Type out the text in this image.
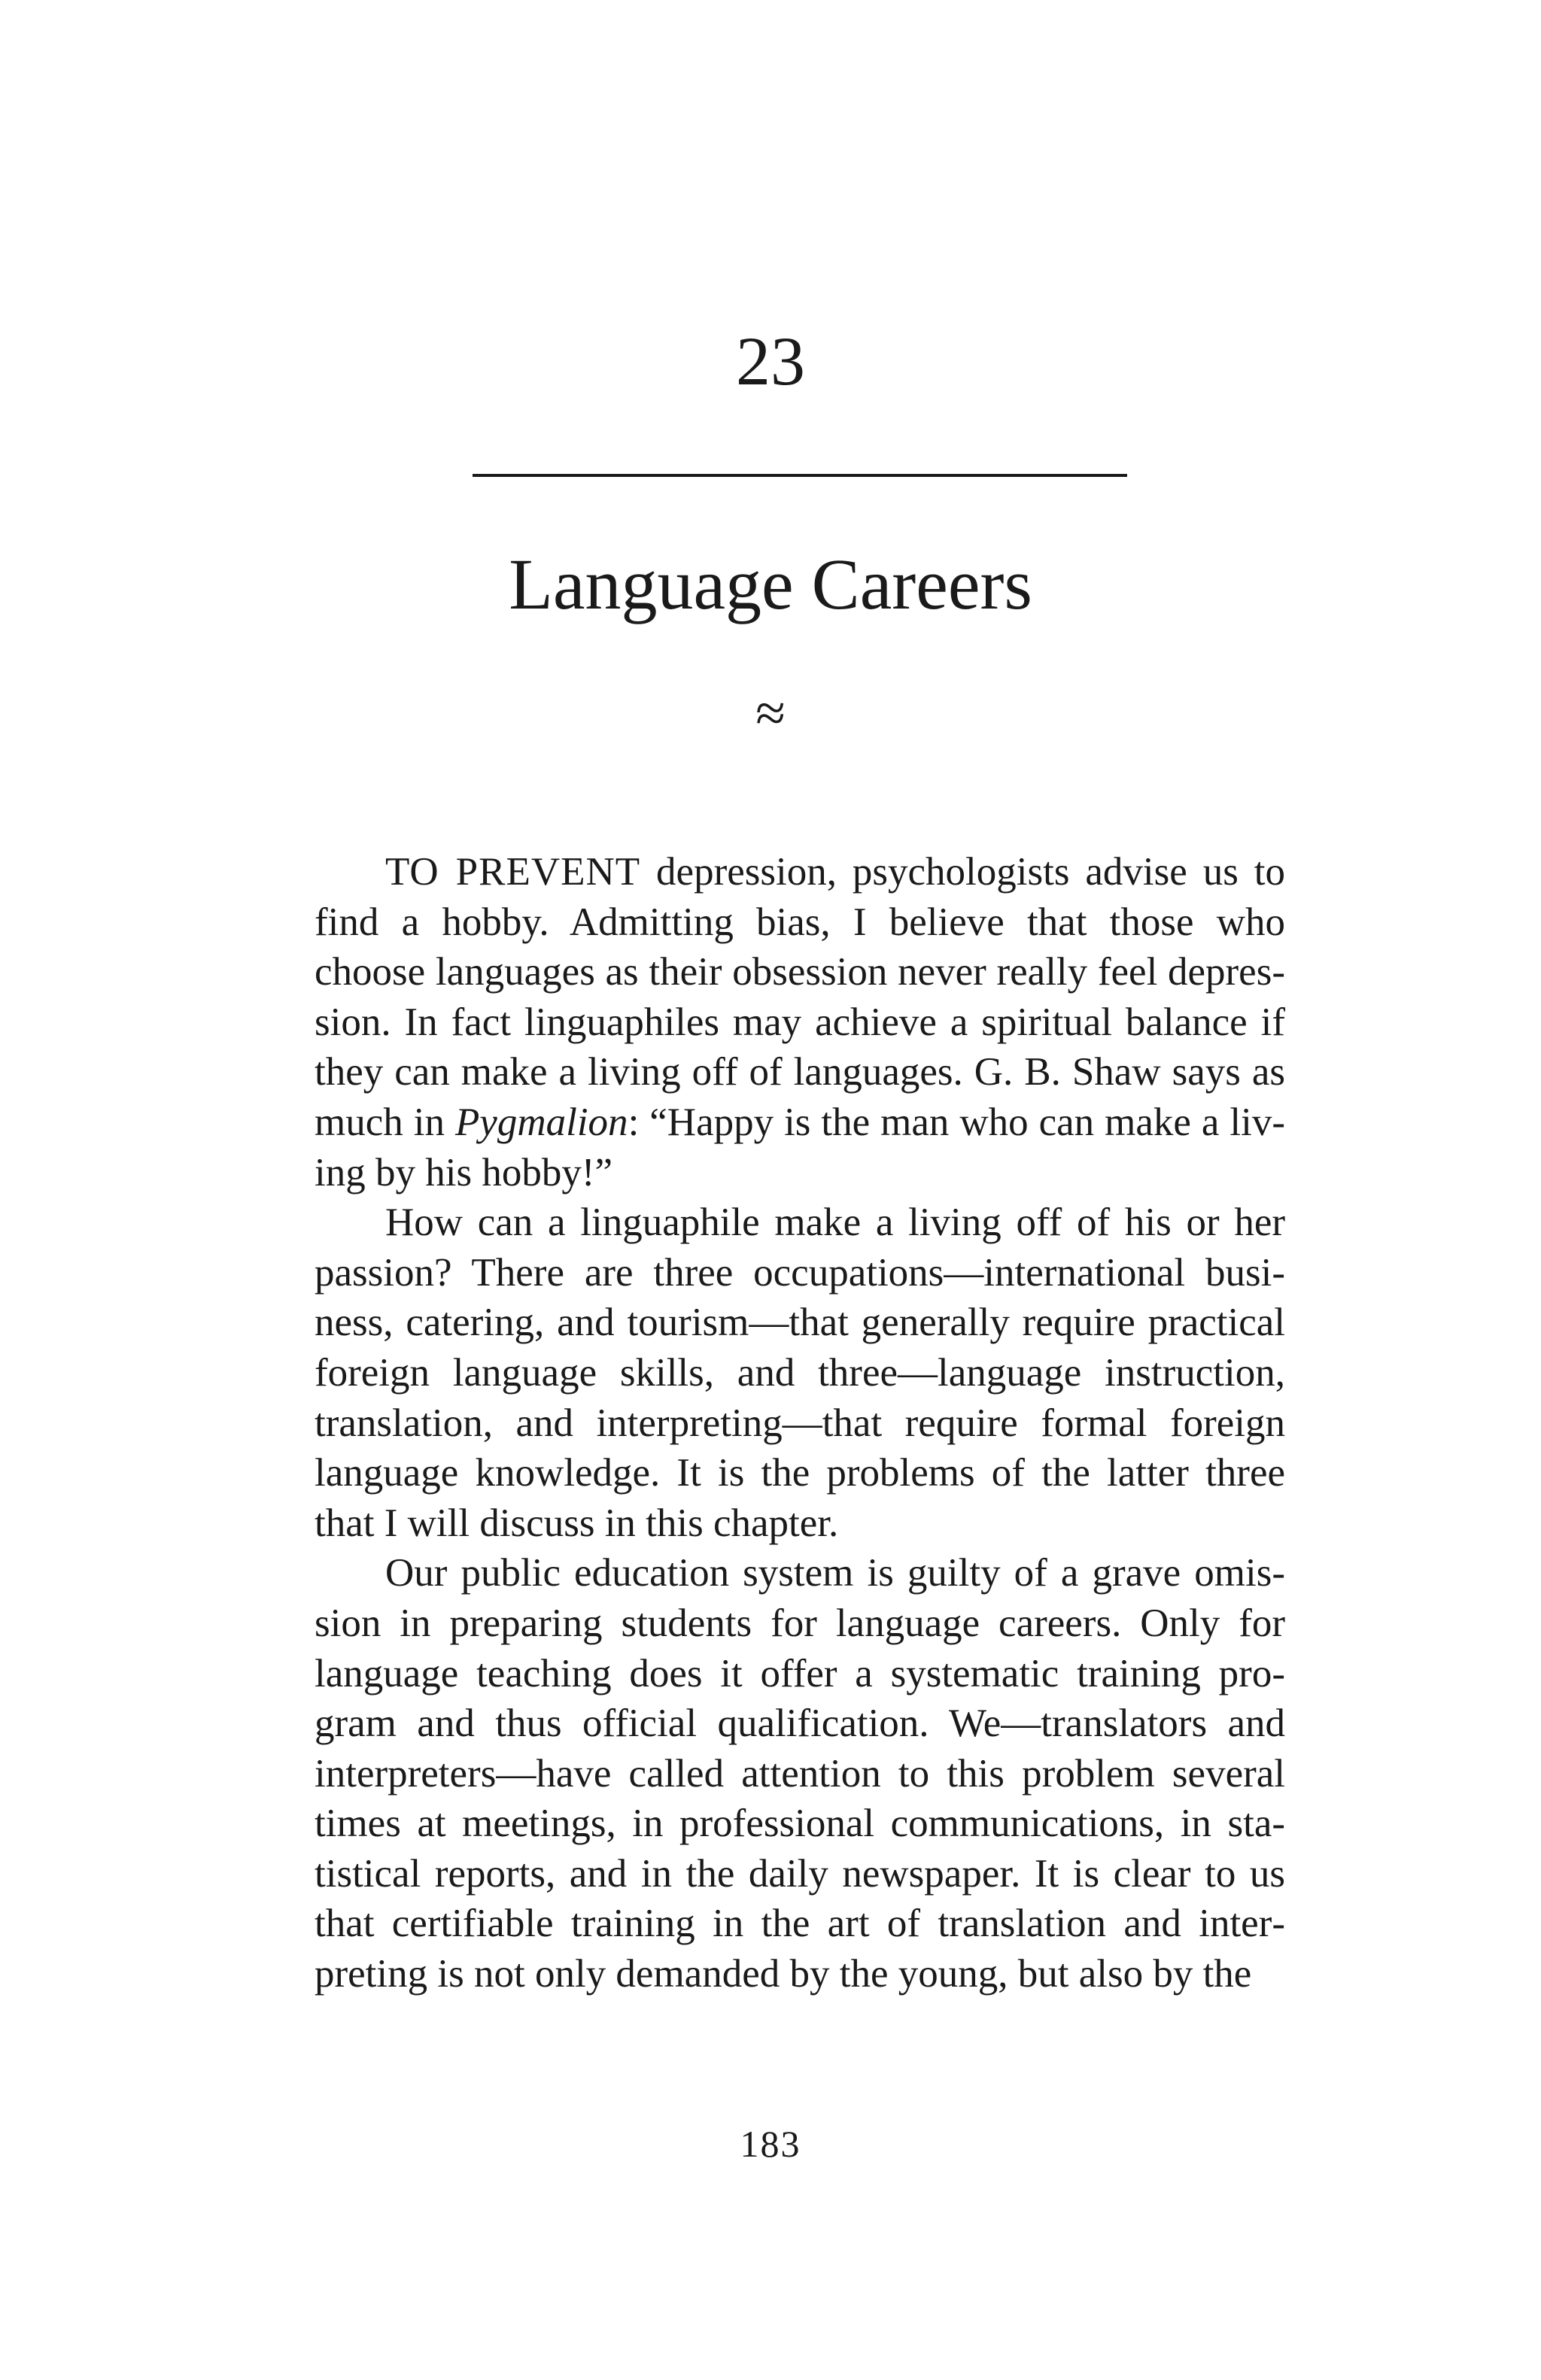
23
Language Careers
≈

TO PREVENT depression, psychologists advise us to find a hobby. Admitting bias, I believe that those who choose languages as their obsession never really feel depression. In fact linguaphiles may achieve a spiritual balance if they can make a living off of languages. G. B. Shaw says as much in Pygmalion: “Happy is the man who can make a living by his hobby!”

How can a linguaphile make a living off of his or her passion? There are three occupations—international business, catering, and tourism—that generally require practical foreign language skills, and three—language instruction, translation, and interpreting—that require formal foreign language knowledge. It is the problems of the latter three that I will discuss in this chapter.

Our public education system is guilty of a grave omission in preparing students for language careers. Only for language teaching does it offer a systematic training program and thus official qualification. We—translators and interpreters—have called attention to this problem several times at meetings, in professional communications, in statistical reports, and in the daily newspaper. It is clear to us that certifiable training in the art of translation and interpreting is not only demanded by the young, but also by the

183
